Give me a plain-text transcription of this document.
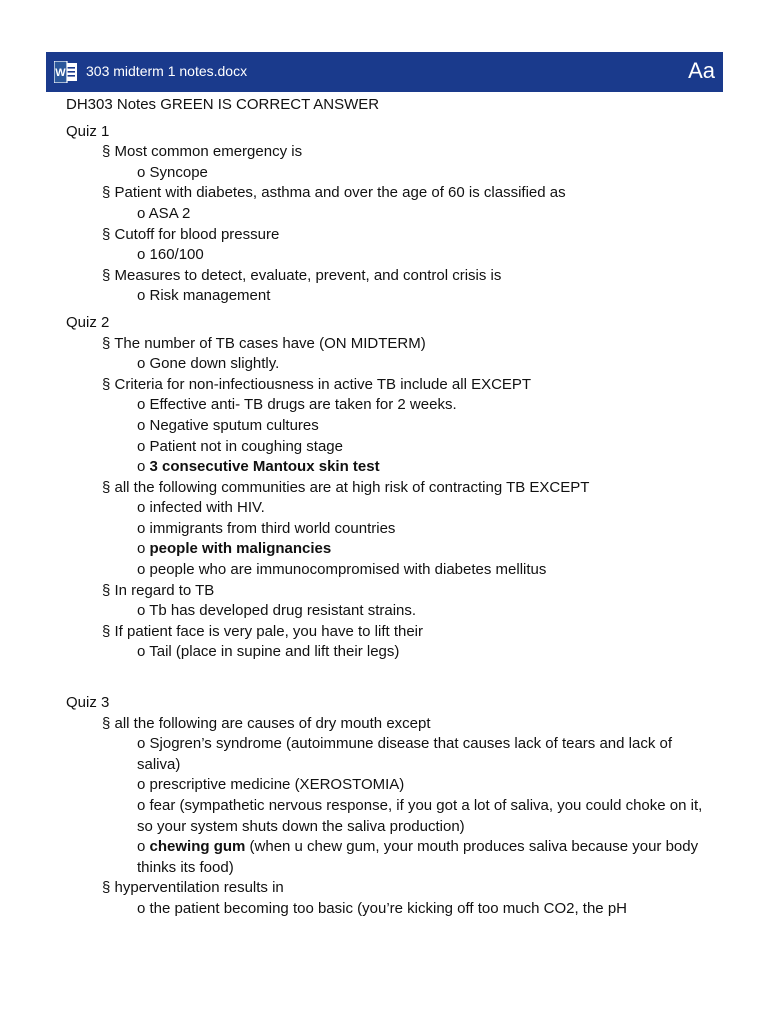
W 303 midterm 1 notes.docx	Aa
DH303 Notes GREEN IS CORRECT ANSWER
Quiz 1
§ Most common emergency is
o Syncope
§ Patient with diabetes, asthma and over the age of 60 is classified as
o ASA 2
§ Cutoff for blood pressure
o 160/100
§ Measures to detect, evaluate, prevent, and control crisis is
o Risk management
Quiz 2
§ The number of TB cases have (ON MIDTERM)
o Gone down slightly.
§ Criteria for non-infectiousness in active TB include all EXCEPT
o Effective anti- TB drugs are taken for 2 weeks.
o Negative sputum cultures
o Patient not in coughing stage
o 3 consecutive Mantoux skin test
§ all the following communities are at high risk of contracting TB EXCEPT
o infected with HIV.
o immigrants from third world countries
o people with malignancies
o people who are immunocompromised with diabetes mellitus
§ In regard to TB
o Tb has developed drug resistant strains.
§ If patient face is very pale, you have to lift their
o Tail (place in supine and lift their legs)
Quiz 3
§ all the following are causes of dry mouth except
o Sjogren’s syndrome (autoimmune disease that causes lack of tears and lack of saliva)
o prescriptive medicine (XEROSTOMIA)
o fear (sympathetic nervous response, if you got a lot of saliva, you could choke on it, so your system shuts down the saliva production)
o chewing gum (when u chew gum, your mouth produces saliva because your body thinks its food)
§ hyperventilation results in
o the patient becoming too basic (you’re kicking off too much CO2, the pH
